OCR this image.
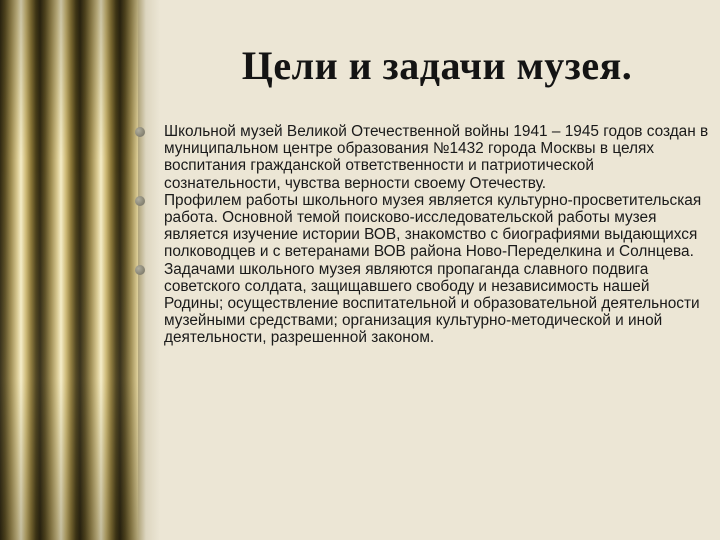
Цели и задачи музея.
Школьной музей Великой Отечественной войны 1941 – 1945 годов создан в муниципальном центре образования №1432 города Москвы в целях воспитания гражданской ответственности и патриотической сознательности, чувства верности своему Отечеству.
Профилем работы школьного музея является культурно-просветительская работа. Основной темой поисково-исследовательской работы музея является изучение истории ВОВ, знакомство с биографиями выдающихся полководцев и с ветеранами ВОВ района Ново-Переделкина и Солнцева.
Задачами школьного музея являются пропаганда славного подвига советского солдата, защищавшего свободу и независимость нашей Родины; осуществление воспитательной и образовательной деятельности музейными средствами; организация культурно-методической и иной деятельности, разрешенной законом.
